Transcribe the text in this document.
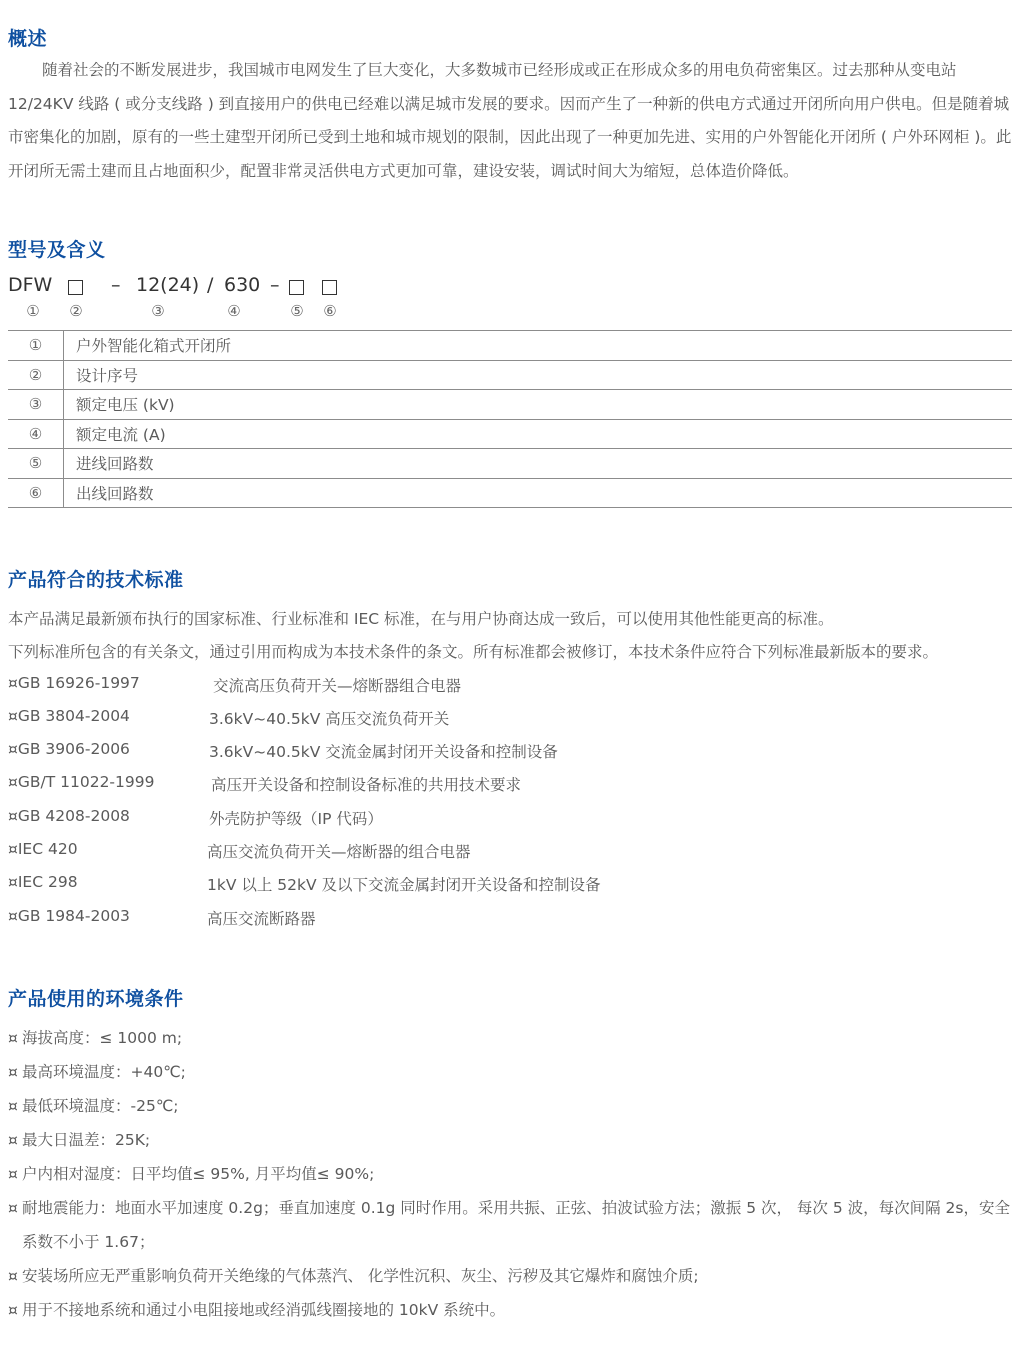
概述
随着社会的不断发展进步，我国城市电网发生了巨大变化，大多数城市已经形成或正在形成众多的用电负荷密集区。过去那种从变电站 12/24KV 线路 ( 或分支线路 ) 到直接用户的供电已经难以满足城市发展的要求。因而产生了一种新的供电方式通过开闭所向用户供电。但是随着城市密集化的加剧，原有的一些土建型开闭所已受到土地和城市规划的限制，因此出现了一种更加先进、实用的户外智能化开闭所 ( 户外环网柜 )。此开闭所无需土建而且占地面积少，配置非常灵活供电方式更加可靠，建设安装，调试时间大为缩短，总体造价降低。
型号及含义
DFW	– 12(24) / 630 –
① ②	③	④	⑤ ⑥
①	户外智能化箱式开闭所
②	设计序号
③	额定电压 (kV)
④	额定电流 (A)
⑤	进线回路数
⑥	出线回路数
产品符合的技术标准
本产品满足最新颁布执行的国家标准、行业标准和 IEC 标准，在与用户协商达成一致后，可以使用其他性能更高的标准。
下列标准所包含的有关条文，通过引用而构成为本技术条件的条文。所有标准都会被修订，本技术条件应符合下列标准最新版本的要求。
¤GB 16926-1997	交流高压负荷开关—熔断器组合电器
¤GB 3804-2004	3.6kV~40.5kV 高压交流负荷开关
¤GB 3906-2006	3.6kV~40.5kV 交流金属封闭开关设备和控制设备
¤GB/T 11022-1999	高压开关设备和控制设备标准的共用技术要求
¤GB 4208-2008	外壳防护等级（IP 代码）
¤IEC 420	高压交流负荷开关—熔断器的组合电器
¤IEC 298	1kV 以上 52kV 及以下交流金属封闭开关设备和控制设备
¤GB 1984-2003	高压交流断路器
产品使用的环境条件
¤ 海拔高度：≤ 1000 m;
¤ 最高环境温度：+40℃;
¤ 最低环境温度：-25℃;
¤ 最大日温差：25K;
¤ 户内相对湿度：日平均值≤ 95%, 月平均值≤ 90%;
¤ 耐地震能力：地面水平加速度 0.2g；垂直加速度 0.1g 同时作用。采用共振、正弦、拍波试验方法；激振 5 次， 每次 5 波，每次间隔 2s，安全系数不小于 1.67；
¤ 安装场所应无严重影响负荷开关绝缘的气体蒸汽、 化学性沉积、灰尘、污秽及其它爆炸和腐蚀介质;
¤ 用于不接地系统和通过小电阻接地或经消弧线圈接地的 10kV 系统中。
